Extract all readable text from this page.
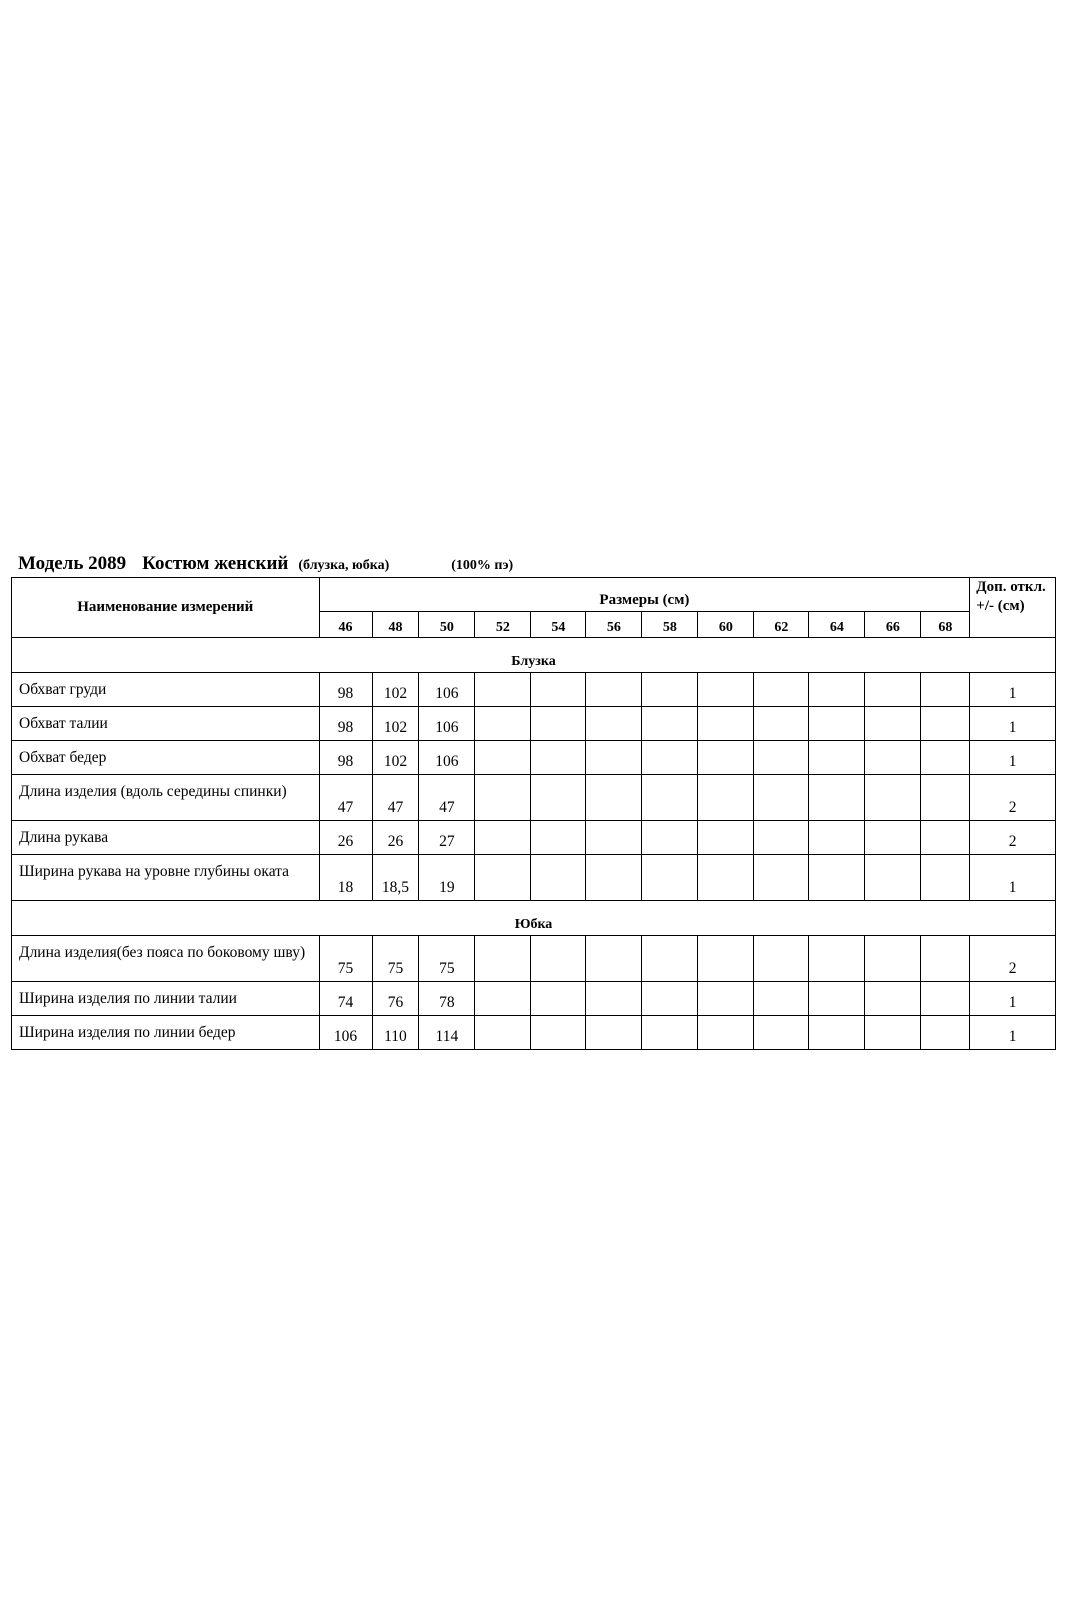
Модель 2089 Костюм женский (блузка, юбка)	(100% пэ)
Наименование измерений	Размеры (см)												Доп. откл. +/- (см)
	46	48	50	52	54	56	58	60	62	64	66	68	
Блузка													
Обхват груди	98	102	106										1
Обхват талии	98	102	106										1
Обхват бедер	98	102	106										1
Длина изделия (вдоль середины спинки)	47	47	47										2
Длина рукава	26	26	27										2
Ширина рукава на уровне глубины оката	18	18,5	19										1
Юбка													
Длина изделия(без пояса по боковому шву)	75	75	75										2
Ширина изделия по линии талии	74	76	78										1
Ширина изделия по линии бедер	106	110	114										1
